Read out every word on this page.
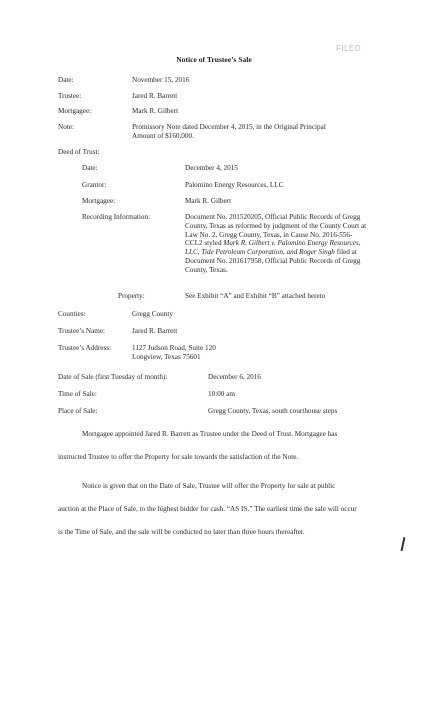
FILED
Notice of Trustee’s Sale
Date:	November 15, 2016
Trustee:	Jared R. Barrett
Mortgagee:	Mark R. Gilbert
Note:	Promissory Note dated December 4, 2015, in the Original Principal Amount of $160,000.
Deed of Trust:
Date:	December 4, 2015
Grantor:	Palomino Energy Resources, LLC
Mortgagee:	Mark R. Gilbert
Recording Information:	Document No. 201520205, Official Public Records of Gregg County, Texas as reformed by judgment of the County Court at Law No. 2, Gregg County, Texas, in Cause No. 2016-556-CCL2 styled Mark R. Gilbert v. Palomino Energy Resources, LLC, Tide Petroleum Corporation, and Roger Singh filed at Document No. 201617958, Official Public Records of Gregg County, Texas.
Property:	See Exhibit “A” and Exhibit “B” attached hereto
Counties:	Gregg County
Trustee’s Name:	Jared R. Barrett
Trustee’s Address:	1127 Judson Road, Suite 120
Longview, Texas 75601
Date of Sale (first Tuesday of month):	December 6, 2016
Time of Sale:	10:00 am
Place of Sale:	Gregg County, Texas, south courthouse steps
Mortgagee appointed Jared R. Barrett as Trustee under the Deed of Trust. Mortgagee has instructed Trustee to offer the Property for sale towards the satisfaction of the Note.
Notice is given that on the Date of Sale, Trustee will offer the Property for sale at public auction at the Place of Sale, to the highest bidder for cash. “AS IS.” The earliest time the sale will occur is the Time of Sale, and the sale will be conducted no later than three hours thereafter.
